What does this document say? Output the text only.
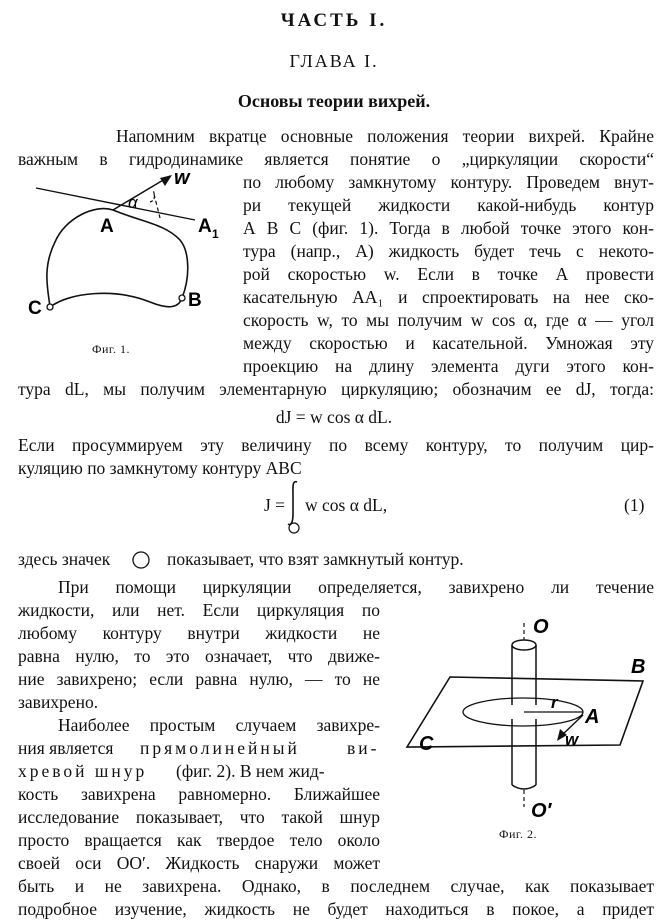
ЧАСТЬ I.
ГЛАВА I.
Основы теории вихрей.
Напомним вкратце основные положения теории вихрей. Крайне
важным в гидродинамике является понятие о „циркуляции скорости“
по любому замкнутому контуру. Проведем внут-
ри текущей жидкости какой-нибудь контур
А В С (фиг. 1). Тогда в любой точке этого кон-
тура (напр., А) жидкость будет течь с некото-
рой скоростью w. Если в точке А провести
касательную АА₁ и спроектировать на нее ско-
скорость w, то мы получим w cos α, где α — угол
между скоростью и касательной. Умножая эту
проекцию на длину элемента дуги этого кон-
тура dL, мы получим элементарную циркуляцию; обозначим ее dJ, тогда:
dJ = w cos α dL.
Если просуммируем эту величину по всему контуру, то получим цир-
куляцию по замкнутому контуру АВС
J = w cos α dL,	(1)
здесь значек	показывает, что взят замкнутый контур.
При помощи циркуляции определяется, завихрено ли течение
жидкости, или нет. Если циркуляция по
любому контуру внутри жидкости не
равна нулю, то это означает, что движе-
ние завихрено; если равна нулю, — то не
завихрено.
Наиболее простым случаем завихре-
ния является прямолинейный	ви-
хревой шнур (фиг. 2). В нем жид-
кость завихрена равномерно. Ближайшее
исследование показывает, что такой шнур
просто вращается как твердое тело около
своей оси ОО′. Жидкость снаружи может
быть и не завихрена. Однако, в последнем случае, как показывает
подробное изучение, жидкость не будет находиться в покое, а придет
w
α
A	A 1
C	B
Фиг. 1.
O
O′
B
C
A
r
w
Фиг. 2.
